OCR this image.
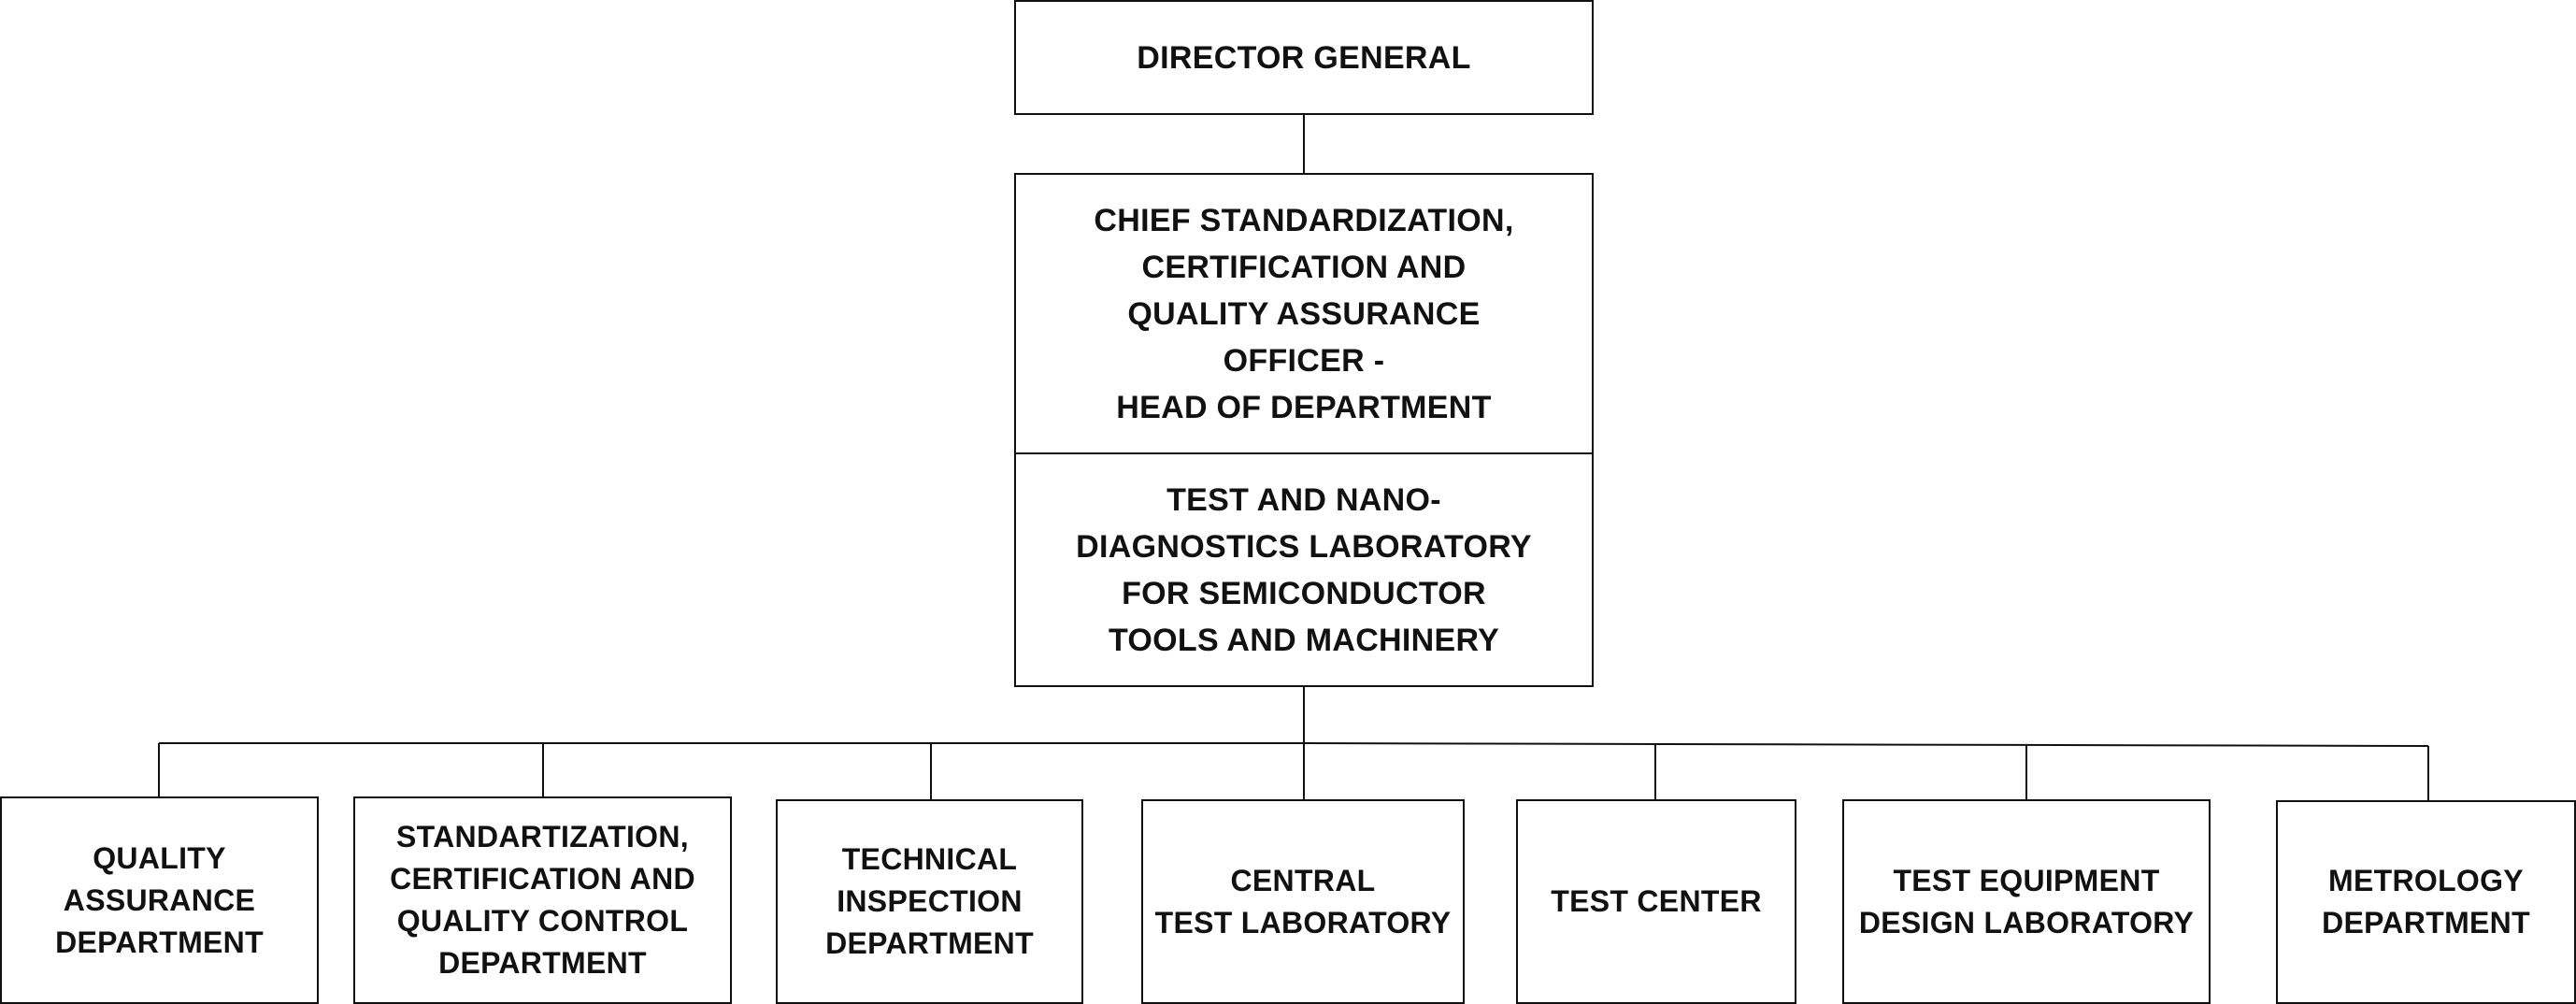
DIRECTOR GENERAL
CHIEF STANDARDIZATION,
CERTIFICATION AND
QUALITY ASSURANCE
OFFICER -
HEAD OF DEPARTMENT
TEST AND NANO-
DIAGNOSTICS LABORATORY
FOR SEMICONDUCTOR
TOOLS AND MACHINERY
QUALITY
ASSURANCE
DEPARTMENT
STANDARTIZATION,
CERTIFICATION AND
QUALITY CONTROL
DEPARTMENT
TECHNICAL
INSPECTION
DEPARTMENT
CENTRAL
TEST LABORATORY
TEST CENTER
TEST EQUIPMENT
DESIGN LABORATORY
METROLOGY
DEPARTMENT
